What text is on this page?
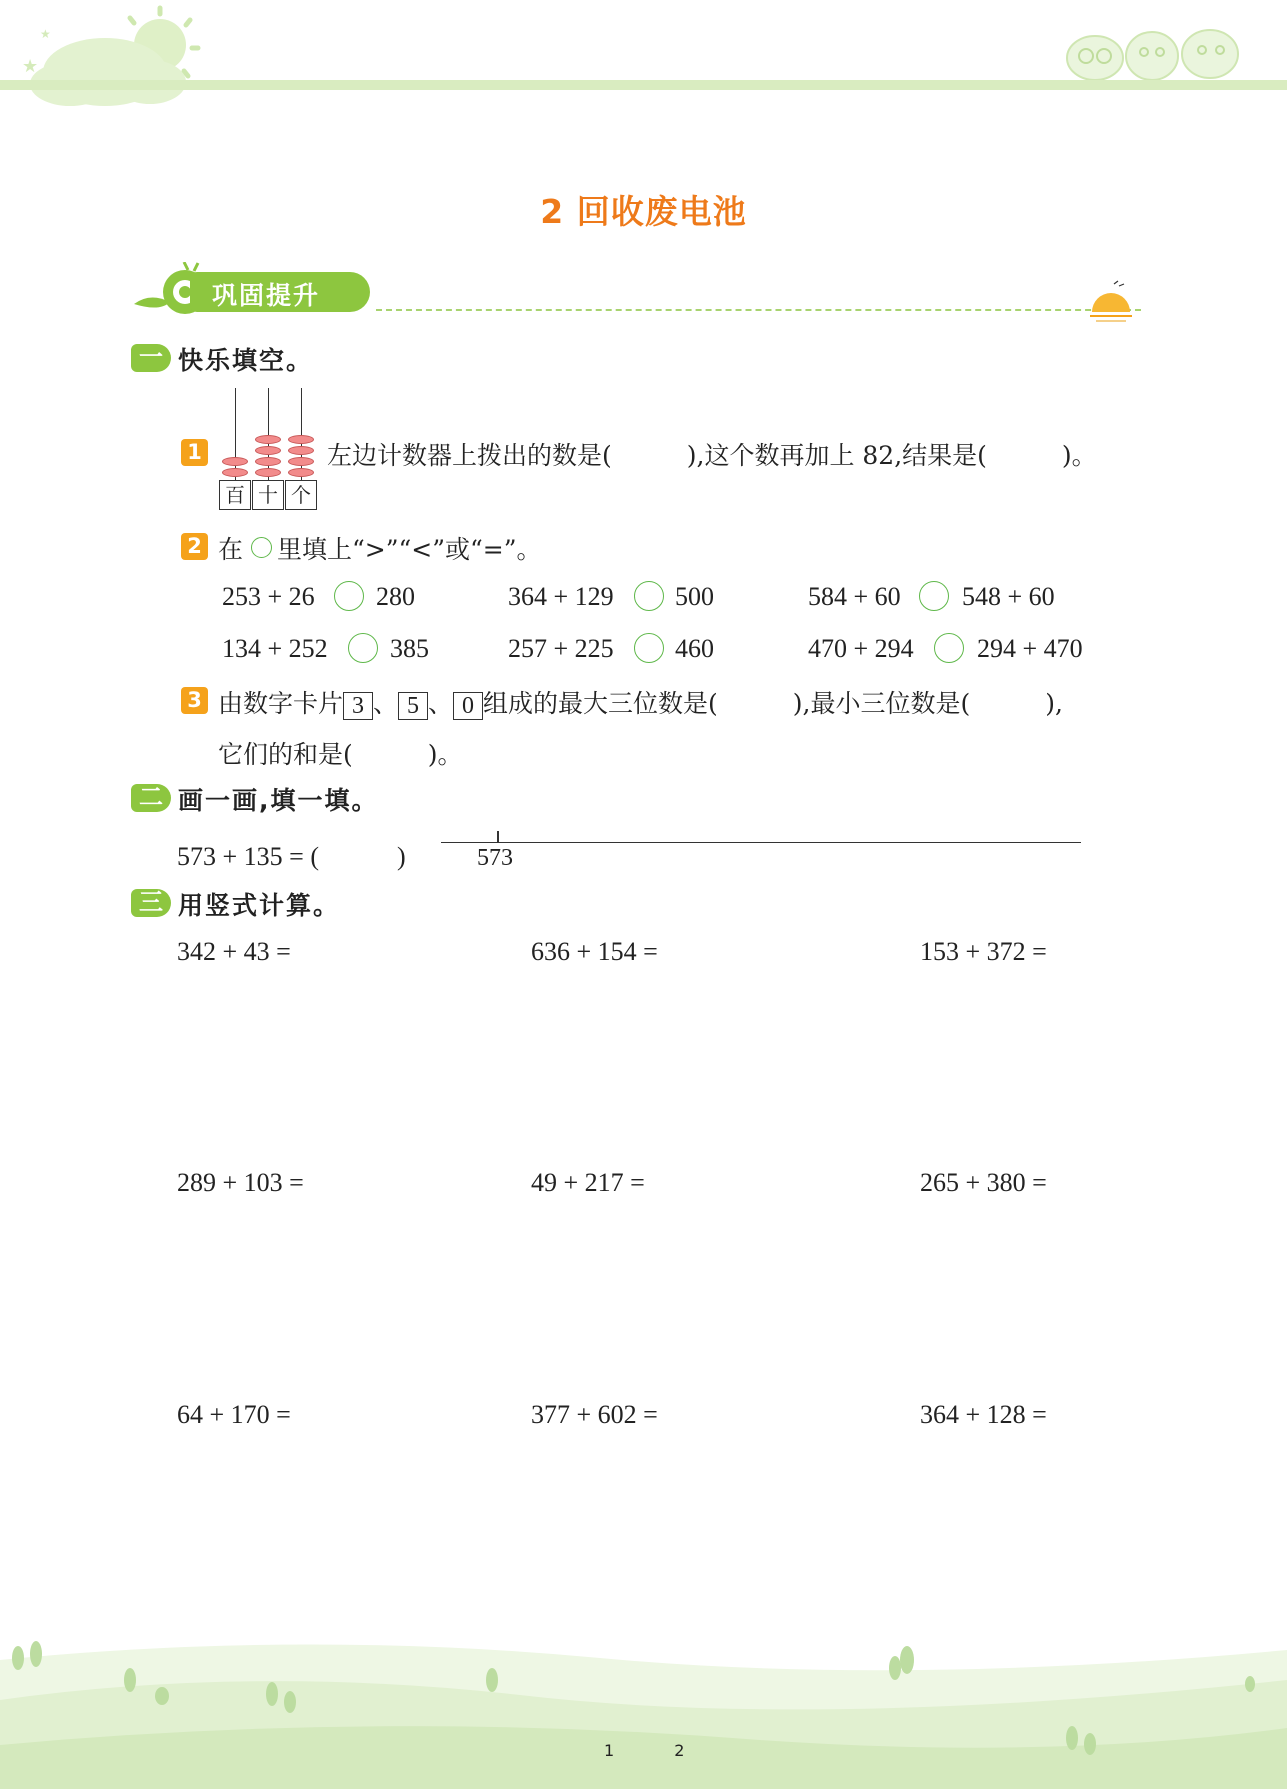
★
★
2 回收废电池
巩固提升
一 快乐填空。
1
百 十 个
左边计数器上拨出的数是(　　　),这个数再加上 82,结果是(　　　)。
2 在 里填上“>”“<”或“=”。
253 + 26 280	364 + 129 500	584 + 60 548 + 60
134 + 252 385	257 + 225 460	470 + 294 294 + 470
3 由数字卡片 3 、 5 、 0 组成的最大三位数是(　　　),最小三位数是(　　　),
它们的和是(　　　)。
二 画一画,填一填。
573 + 135 = (　　　)	573
三 用竖式计算。
342 + 43 =	636 + 154 =	153 + 372 =
289 + 103 =	49 + 217 =	265 + 380 =
64 + 170 =	377 + 602 =	364 + 128 =
1	2
